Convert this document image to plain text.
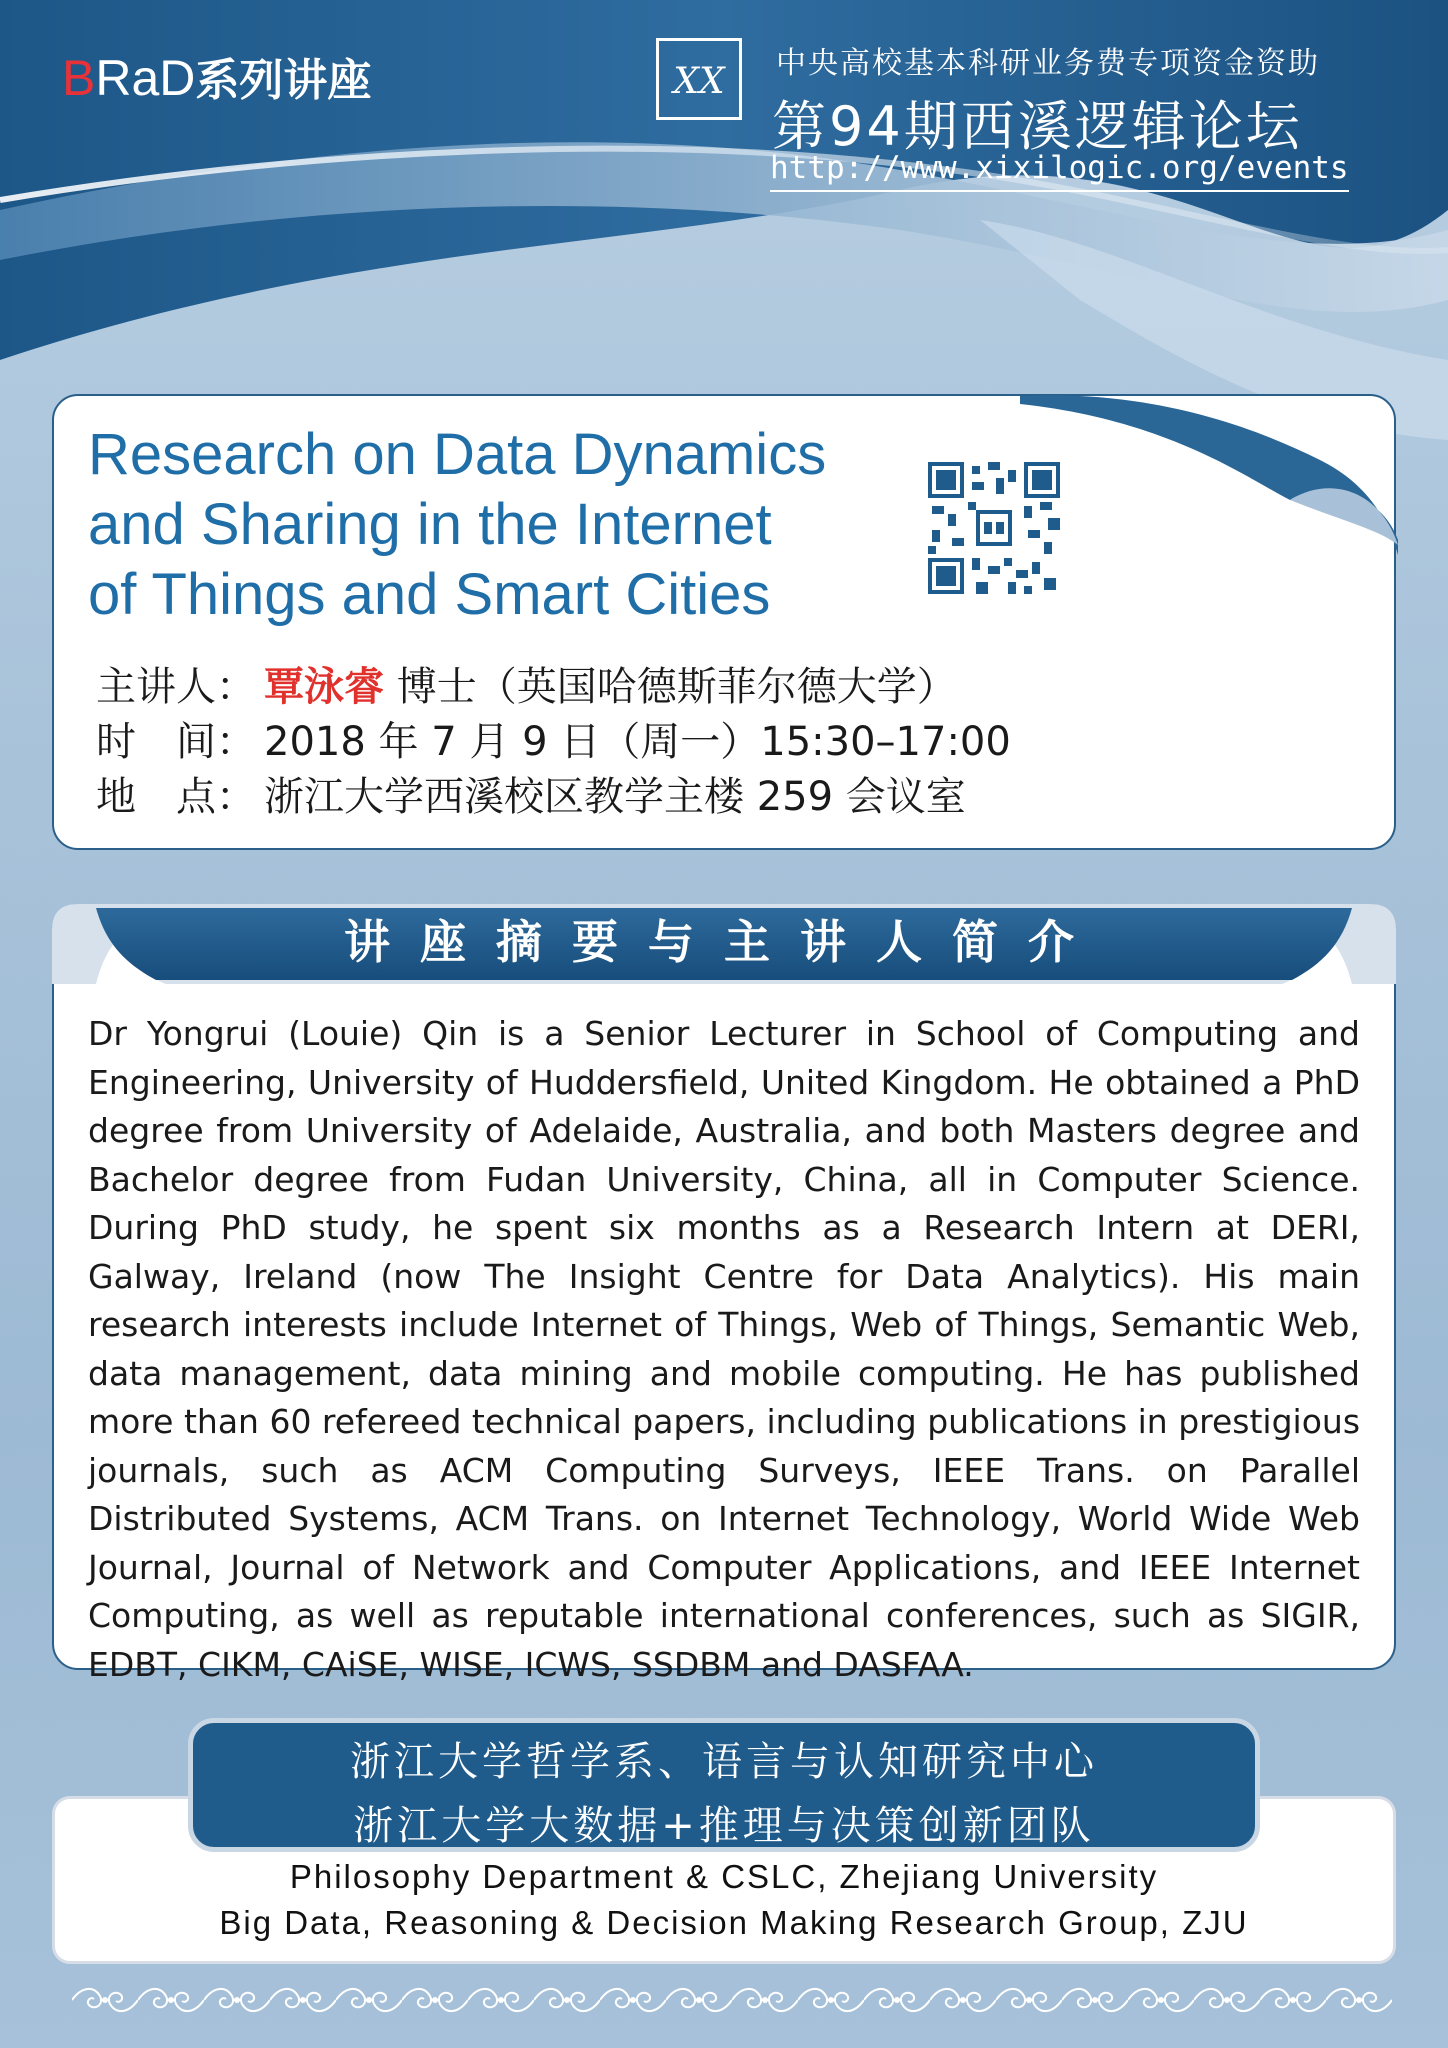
BRaD系列讲座	XX 中央高校基本科研业务费专项资金资助
第94期西溪逻辑论坛
http://www.xixilogic.org/events
Research on Data Dynamics
and Sharing in the Internet
of Things and Smart Cities
主讲人： 覃泳睿 博士（英国哈德斯菲尔德大学）
时　间： 2018 年 7 月 9 日（周一）15:30–17:00
地　点： 浙江大学西溪校区教学主楼 259 会议室
讲座摘要与主讲人简介
Dr Yongrui (Louie) Qin is a Senior Lecturer in School of Computing and Engineering, University of Huddersfield, United Kingdom. He obtained a PhD degree from University of Adelaide, Australia, and both Masters degree and Bachelor degree from Fudan University, China, all in Computer Science. During PhD study, he spent six months as a Research Intern at DERI, Galway, Ireland (now The Insight Centre for Data Analytics). His main research interests include Internet of Things, Web of Things, Semantic Web, data management, data mining and mobile computing. He has published more than 60 refereed technical papers, including publications in prestigious journals, such as ACM Computing Surveys, IEEE Trans. on Parallel Distributed Systems, ACM Trans. on Internet Technology, World Wide Web Journal, Journal of Network and Computer Applications, and IEEE Internet Computing, as well as reputable international conferences, such as SIGIR, EDBT, CIKM, CAiSE, WISE, ICWS, SSDBM and DASFAA.
浙江大学哲学系、语言与认知研究中心
浙江大学大数据+推理与决策创新团队
Philosophy Department & CSLC, Zhejiang University
Big Data, Reasoning & Decision Making Research Group, ZJU
